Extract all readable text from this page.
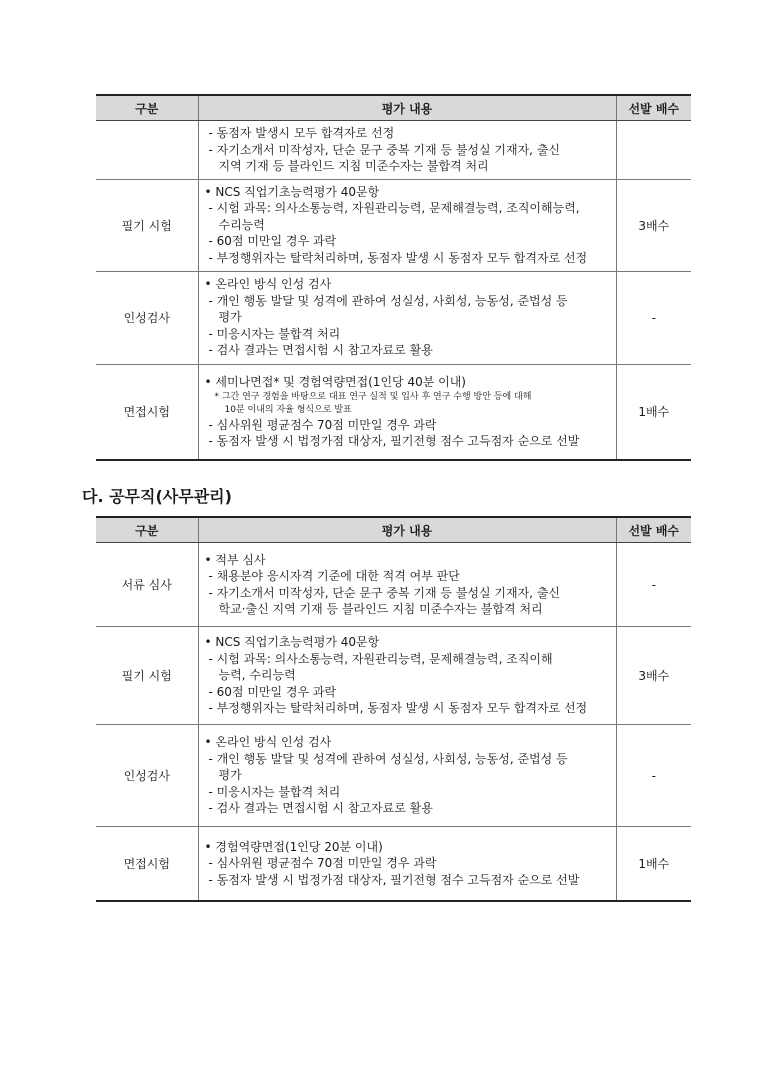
구분	평가 내용	선발 배수

	- 동점자 발생시 모두 합격자로 선정
- 자기소개서 미작성자, 단순 문구 중복 기재 등 불성실 기재자, 출신
지역 기재 등 블라인드 지침 미준수자는 불합격 처리	

필기 시험	• NCS 직업기초능력평가 40문항
- 시험 과목: 의사소통능력, 자원관리능력, 문제해결능력, 조직이해능력,
수리능력
- 60점 미만일 경우 과락
- 부정행위자는 탈락처리하며, 동점자 발생 시 동점자 모두 합격자로 선정	3배수
인성검사	• 온라인 방식 인성 검사
- 개인 행동 발달 및 성격에 관하여 성실성, 사회성, 능동성, 준법성 등
평가
- 미응시자는 불합격 처리
- 검사 결과는 면접시험 시 참고자료로 활용	-
면접시험	• 세미나면접* 및 경험역량면접(1인당 40분 이내)
* 그간 연구 경험을 바탕으로 대표 연구 실적 및 입사 후 연구 수행 방안 등에 대해
10분 이내의 자율 형식으로 발표
- 심사위원 평균점수 70점 미만일 경우 과락
- 동점자 발생 시 법정가점 대상자, 필기전형 점수 고득점자 순으로 선발	1배수
다. 공무직(사무관리)
구분	평가 내용	선발 배수
서류 심사	• 적부 심사
- 채용분야 응시자격 기준에 대한 적격 여부 판단
- 자기소개서 미작성자, 단순 문구 중복 기재 등 불성실 기재자, 출신
학교·출신 지역 기재 등 블라인드 지침 미준수자는 불합격 처리	-
필기 시험	• NCS 직업기초능력평가 40문항
- 시험 과목: 의사소통능력, 자원관리능력, 문제해결능력, 조직이해
능력, 수리능력
- 60점 미만일 경우 과락
- 부정행위자는 탈락처리하며, 동점자 발생 시 동점자 모두 합격자로 선정	3배수
인성검사	• 온라인 방식 인성 검사
- 개인 행동 발달 및 성격에 관하여 성실성, 사회성, 능동성, 준법성 등
평가
- 미응시자는 불합격 처리
- 검사 결과는 면접시험 시 참고자료로 활용	-
면접시험	• 경험역량면접(1인당 20분 이내)
- 심사위원 평균점수 70점 미만일 경우 과락
- 동점자 발생 시 법정가점 대상자, 필기전형 점수 고득점자 순으로 선발	1배수
